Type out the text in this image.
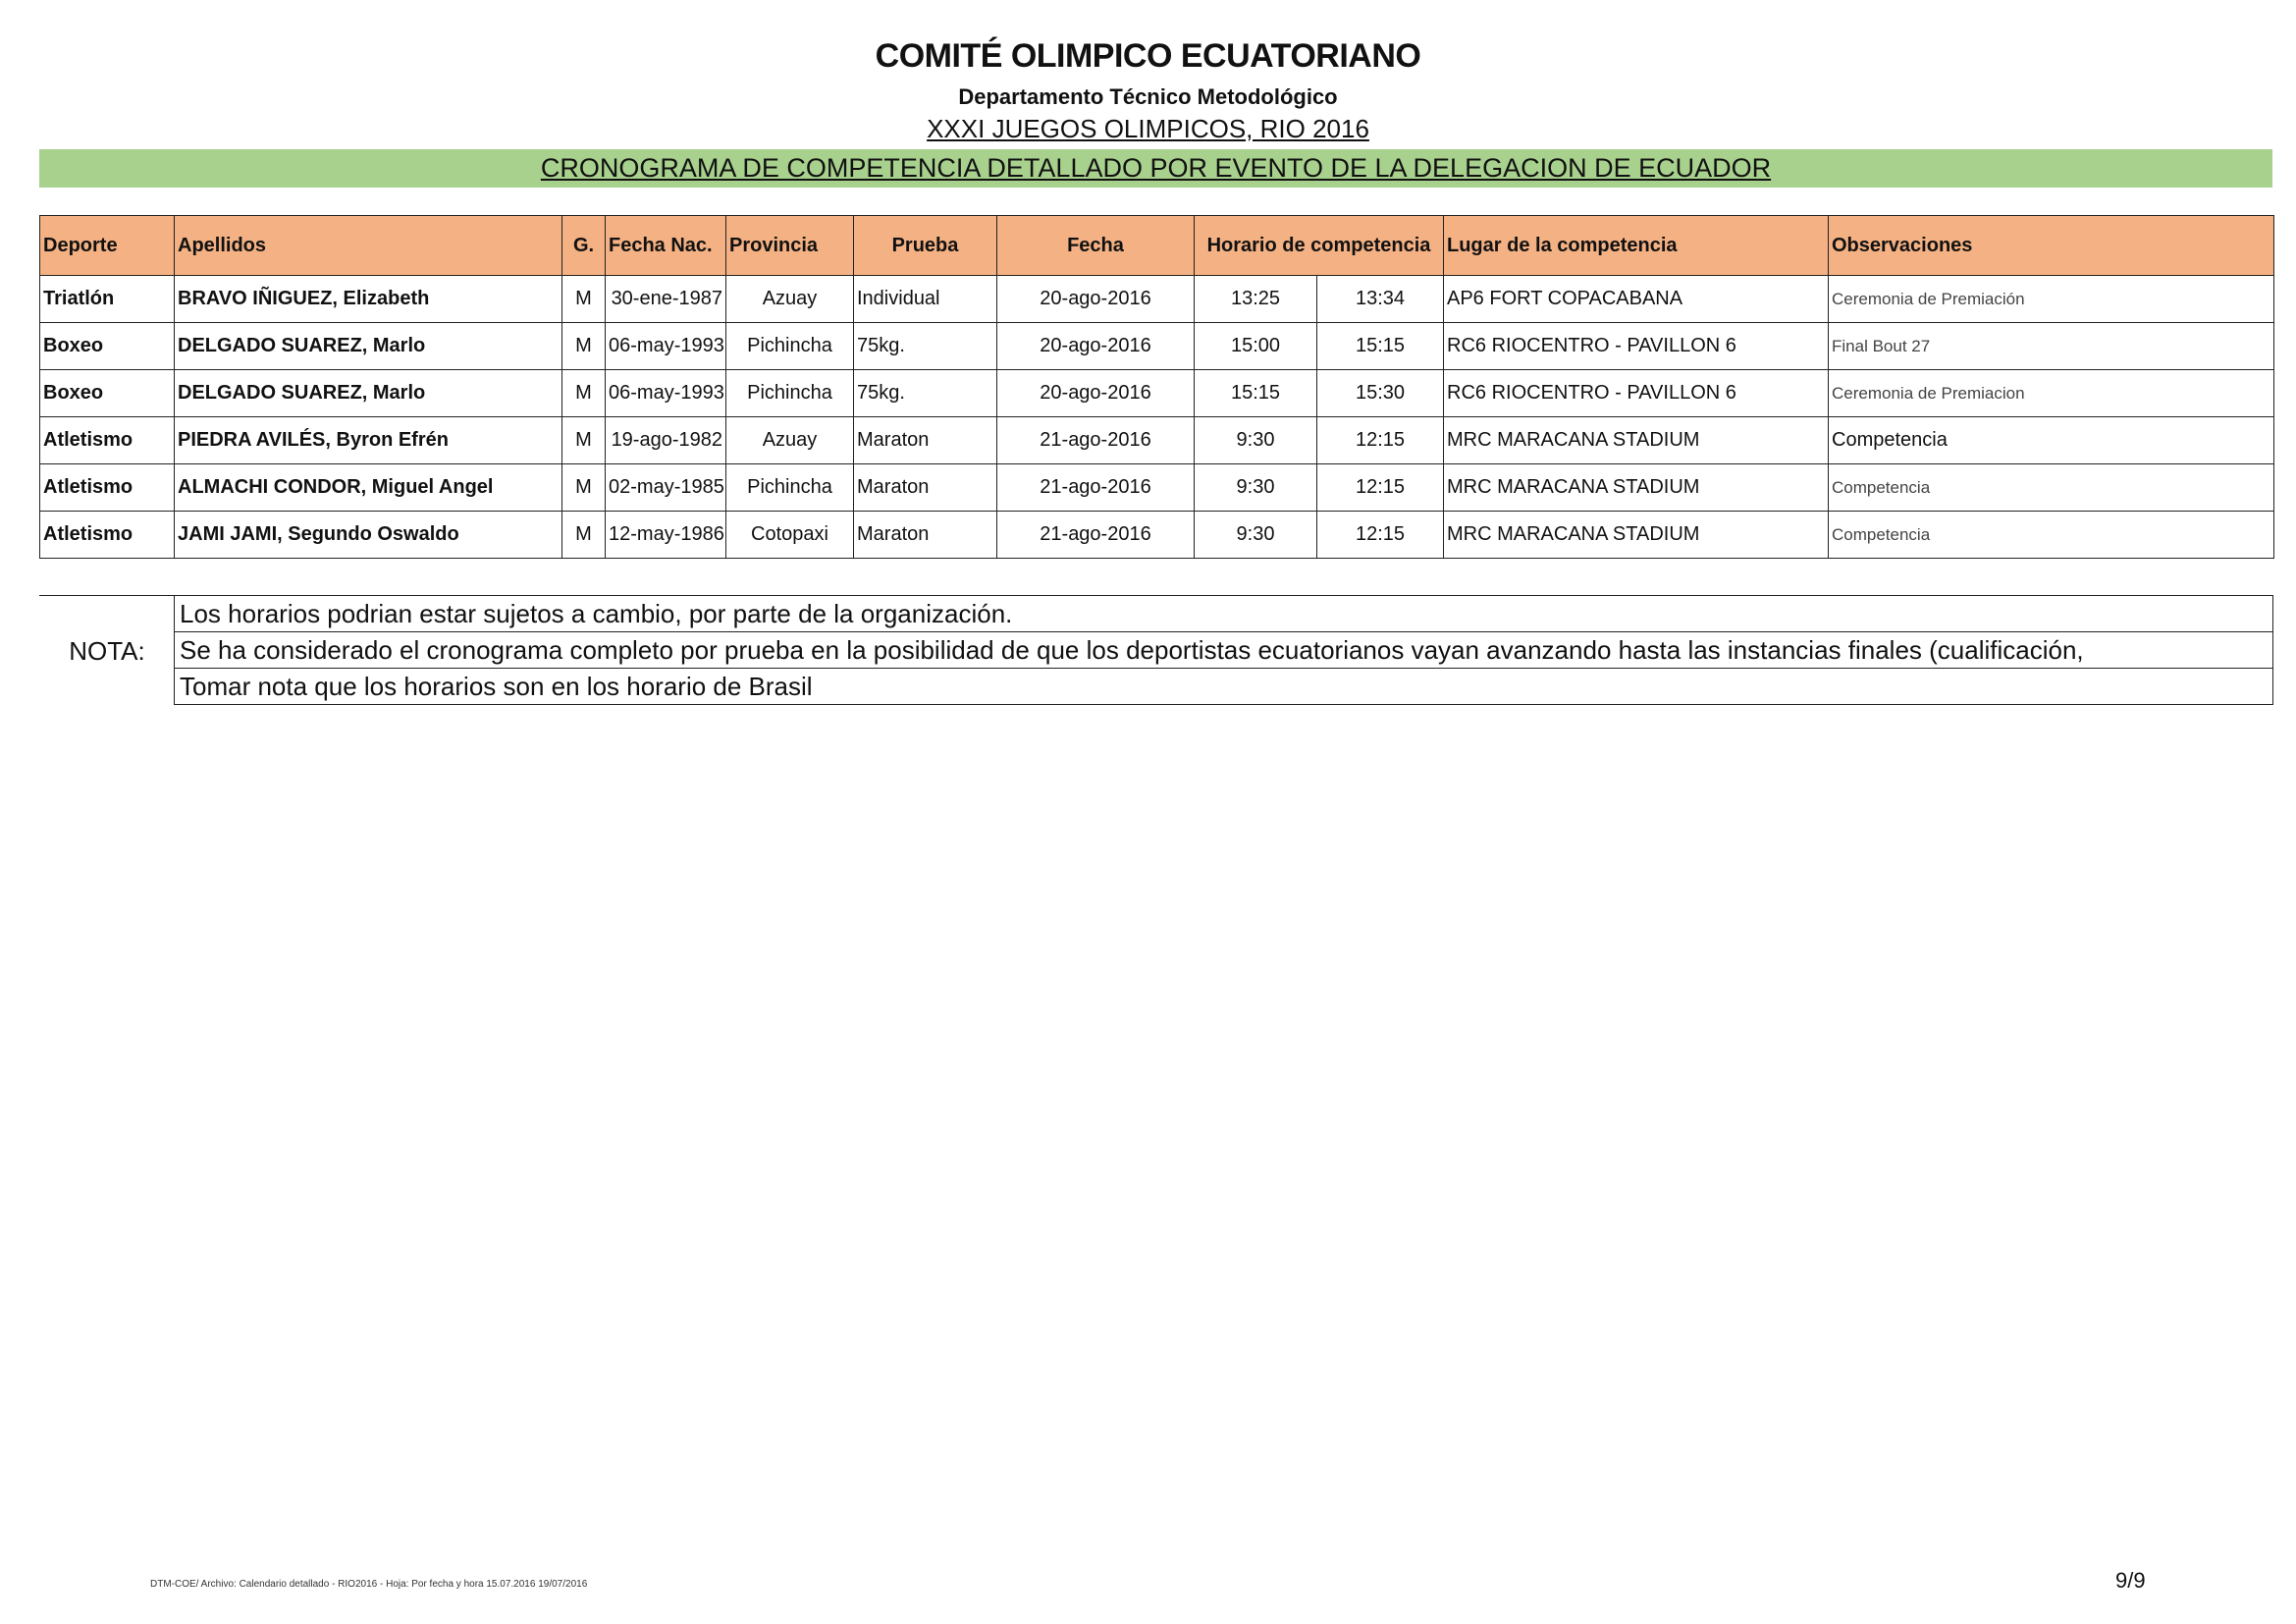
COMITÉ OLIMPICO ECUATORIANO
Departamento Técnico Metodológico
XXXI JUEGOS OLIMPICOS, RIO 2016
CRONOGRAMA DE COMPETENCIA DETALLADO POR EVENTO DE LA DELEGACION DE ECUADOR
Deporte	Apellidos	G.	Fecha Nac.	Provincia	Prueba	Fecha	Horario de competencia		Lugar de la competencia	Observaciones
Triatlón	BRAVO IÑIGUEZ, Elizabeth	M	30-ene-1987	Azuay	Individual	20-ago-2016	13:25	13:34	AP6 FORT COPACABANA	Ceremonia de Premiación
Boxeo	DELGADO SUAREZ, Marlo	M	06-may-1993	Pichincha	75kg.	20-ago-2016	15:00	15:15	RC6 RIOCENTRO - PAVILLON 6	Final Bout 27
Boxeo	DELGADO SUAREZ, Marlo	M	06-may-1993	Pichincha	75kg.	20-ago-2016	15:15	15:30	RC6 RIOCENTRO - PAVILLON 6	Ceremonia de Premiacion
Atletismo	PIEDRA AVILÉS, Byron Efrén	M	19-ago-1982	Azuay	Maraton	21-ago-2016	9:30	12:15	MRC MARACANA STADIUM	Competencia
Atletismo	ALMACHI CONDOR, Miguel Angel	M	02-may-1985	Pichincha	Maraton	21-ago-2016	9:30	12:15	MRC MARACANA STADIUM	Competencia
Atletismo	JAMI JAMI, Segundo Oswaldo	M	12-may-1986	Cotopaxi	Maraton	21-ago-2016	9:30	12:15	MRC MARACANA STADIUM	Competencia
NOTA:
Los horarios podrian estar sujetos a cambio, por parte de la organización.
Se ha considerado el cronograma completo por prueba en la posibilidad de que los deportistas ecuatorianos vayan avanzando hasta las instancias finales (cualificación,
Tomar nota que los horarios son en los horario de Brasil
DTM-COE/ Archivo: Calendario detallado - RIO2016 - Hoja: Por fecha y hora 15.07.2016 19/07/2016	9/9
